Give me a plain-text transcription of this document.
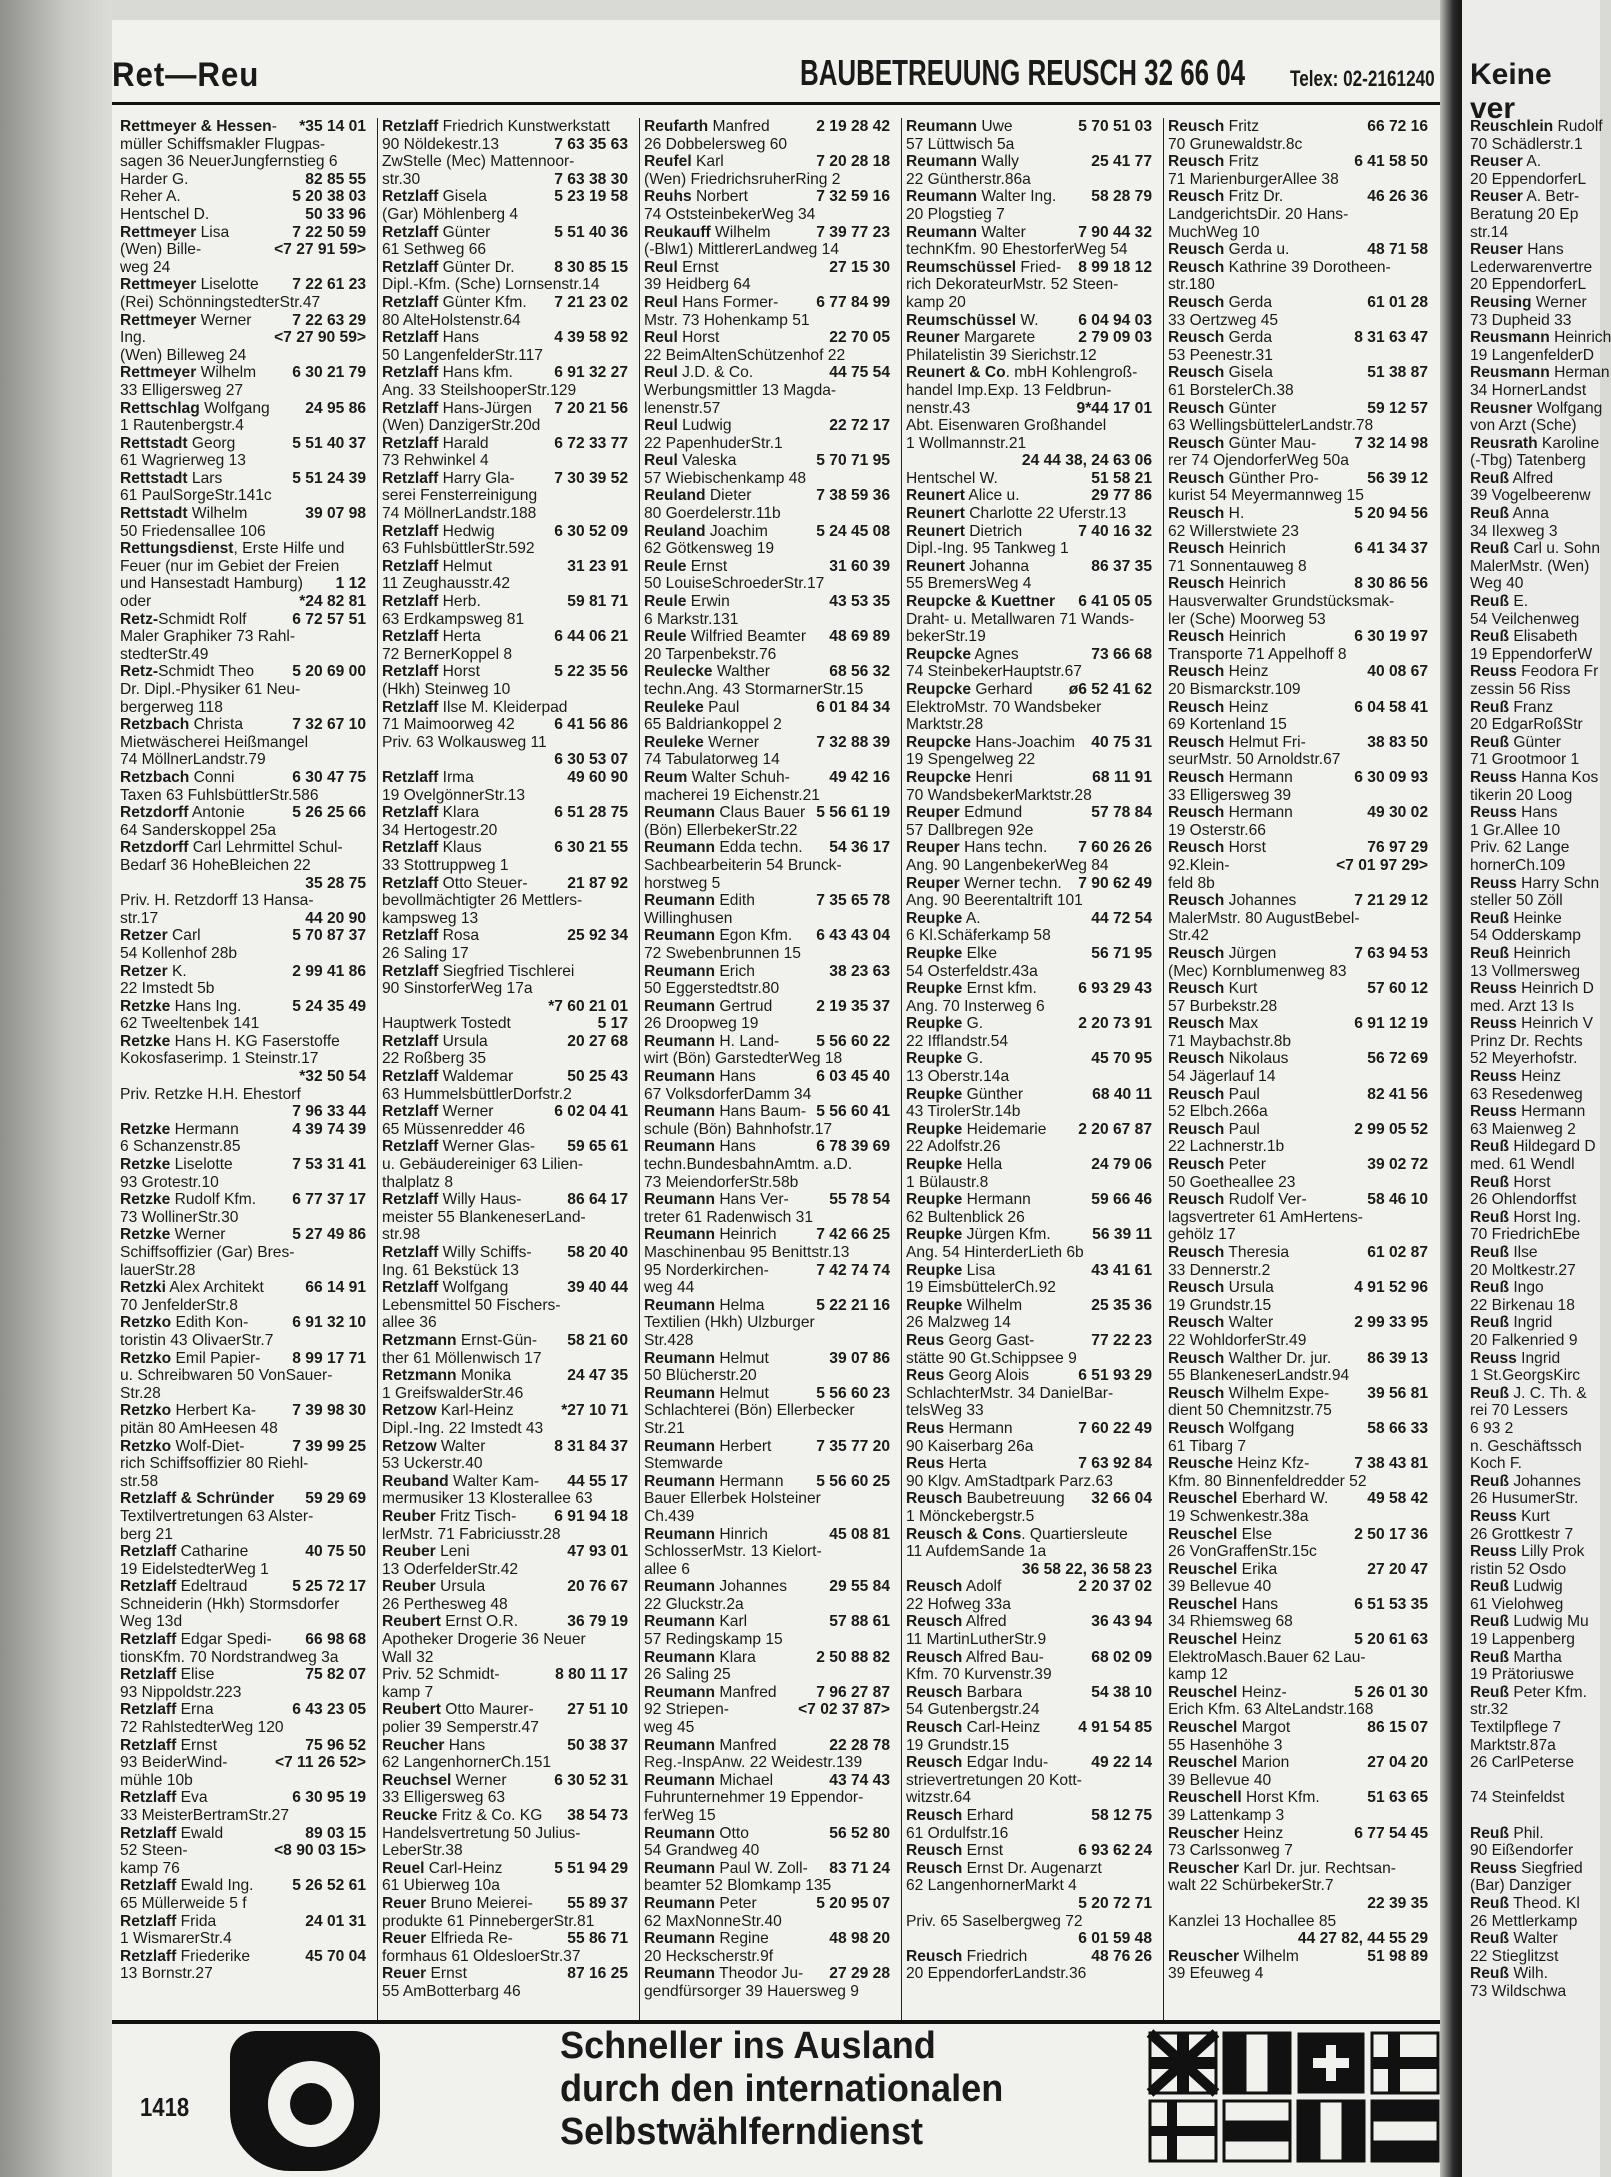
Ret—Reu	BAUBETREUUNG REUSCH 32 66 04 Telex: 02-2161240
Rettmeyer & Hessen-	*35 14 01
müller Schiffsmakler Flugpas-
sagen 36 NeuerJungfernstieg 6
Harder G.	82 85 55
Reher A.	5 20 38 03
Hentschel D.	50 33 96
Rettmeyer Lisa	7 22 50 59
(Wen) Bille-	<7 27 91 59>
weg 24
Rettmeyer Liselotte	7 22 61 23
(Rei) SchönningstedterStr.47
Rettmeyer Werner	7 22 63 29
Ing.	<7 27 90 59>
(Wen) Billeweg 24
Rettmeyer Wilhelm	6 30 21 79
33 Elligersweg 27
Rettschlag Wolfgang	24 95 86
1 Rautenbergstr.4
Rettstadt Georg	5 51 40 37
61 Wagrierweg 13
Rettstadt Lars	5 51 24 39
61 PaulSorgeStr.141c
Rettstadt Wilhelm	39 07 98
50 Friedensallee 106
Rettungsdienst, Erste Hilfe und
Feuer (nur im Gebiet der Freien
und Hansestadt Hamburg)	1 12
oder	*24 82 81
Retz-Schmidt Rolf	6 72 57 51
Maler Graphiker 73 Rahl-
stedterStr.49
Retz-Schmidt Theo	5 20 69 00
Dr. Dipl.-Physiker 61 Neu-
bergerweg 118
Retzbach Christa	7 32 67 10
Mietwäscherei Heißmangel
74 MöllnerLandstr.79
Retzbach Conni	6 30 47 75
Taxen 63 FuhlsbüttlerStr.586
Retzdorff Antonie	5 26 25 66
64 Sanderskoppel 25a
Retzdorff Carl Lehrmittel Schul-
Bedarf 36 HoheBleichen 22

35 28 75
Priv. H. Retzdorff 13 Hansa-
str.17	44 20 90
Retzer Carl	5 70 87 37
54 Kollenhof 28b
Retzer K.	2 99 41 86
22 Imstedt 5b
Retzke Hans Ing.	5 24 35 49
62 Tweeltenbek 141
Retzke Hans H. KG Faserstoffe
Kokosfaserimp. 1 Steinstr.17

*32 50 54
Priv. Retzke H.H. Ehestorf

7 96 33 44
Retzke Hermann	4 39 74 39
6 Schanzenstr.85
Retzke Liselotte	7 53 31 41
93 Grotestr.10
Retzke Rudolf Kfm.	6 77 37 17
73 WollinerStr.30
Retzke Werner	5 27 49 86
Schiffsoffizier (Gar) Bres-
lauerStr.28
Retzki Alex Architekt	66 14 91
70 JenfelderStr.8
Retzko Edith Kon-	6 91 32 10
toristin 43 OlivaerStr.7
Retzko Emil Papier-	8 99 17 71
u. Schreibwaren 50 VonSauer-
Str.28
Retzko Herbert Ka-	7 39 98 30
pitän 80 AmHeesen 48
Retzko Wolf-Diet-	7 39 99 25
rich Schiffsoffizier 80 Riehl-
str.58
Retzlaff & Schründer	59 29 69
Textilvertretungen 63 Alster-
berg 21
Retzlaff Catharine	40 75 50
19 EidelstedterWeg 1
Retzlaff Edeltraud	5 25 72 17
Schneiderin (Hkh) Stormsdorfer
Weg 13d
Retzlaff Edgar Spedi-	66 98 68
tionsKfm. 70 Nordstrandweg 3a
Retzlaff Elise	75 82 07
93 Nippoldstr.223
Retzlaff Erna	6 43 23 05
72 RahlstedterWeg 120
Retzlaff Ernst	75 96 52
93 BeiderWind-	<7 11 26 52>
mühle 10b
Retzlaff Eva	6 30 95 19
33 MeisterBertramStr.27
Retzlaff Ewald	89 03 15
52 Steen-	<8 90 03 15>
kamp 76
Retzlaff Ewald Ing.	5 26 52 61
65 Müllerweide 5 f
Retzlaff Frida	24 01 31
1 WismarerStr.4
Retzlaff Friederike	45 70 04
13 Bornstr.27
Retzlaff Friedrich Kunstwerkstatt
90 Nöldekestr.13	7 63 35 63
ZwStelle (Mec) Mattennoor-
str.30	7 63 38 30
Retzlaff Gisela	5 23 19 58
(Gar) Möhlenberg 4
Retzlaff Günter	5 51 40 36
61 Sethweg 66
Retzlaff Günter Dr.	8 30 85 15
Dipl.-Kfm. (Sche) Lornsenstr.14
Retzlaff Günter Kfm.	7 21 23 02
80 AlteHolstenstr.64
Retzlaff Hans	4 39 58 92
50 LangenfelderStr.117
Retzlaff Hans kfm.	6 91 32 27
Ang. 33 SteilshooperStr.129
Retzlaff Hans-Jürgen	7 20 21 56
(Wen) DanzigerStr.20d
Retzlaff Harald	6 72 33 77
73 Rehwinkel 4
Retzlaff Harry Gla-	7 30 39 52
serei Fensterreinigung
74 MöllnerLandstr.188
Retzlaff Hedwig	6 30 52 09
63 FuhlsbüttlerStr.592
Retzlaff Helmut	31 23 91
11 Zeughausstr.42
Retzlaff Herb.	59 81 71
63 Erdkampsweg 81
Retzlaff Herta	6 44 06 21
72 BernerKoppel 8
Retzlaff Horst	5 22 35 56
(Hkh) Steinweg 10
Retzlaff Ilse M. Kleiderpad
71 Maimoorweg 42	6 41 56 86
Priv. 63 Wolkausweg 11

6 30 53 07
Retzlaff Irma	49 60 90
19 OvelgönnerStr.13
Retzlaff Klara	6 51 28 75
34 Hertogestr.20
Retzlaff Klaus	6 30 21 55
33 Stottruppweg 1
Retzlaff Otto Steuer-	21 87 92
bevollmächtigter 26 Mettlers-
kampsweg 13
Retzlaff Rosa	25 92 34
26 Saling 17
Retzlaff Siegfried Tischlerei
90 SinstorferWeg 17a

*7 60 21 01
Hauptwerk Tostedt	5 17
Retzlaff Ursula	20 27 68
22 Roßberg 35
Retzlaff Waldemar	50 25 43
63 HummelsbüttlerDorfstr.2
Retzlaff Werner	6 02 04 41
65 Müssenredder 46
Retzlaff Werner Glas-	59 65 61
u. Gebäudereiniger 63 Lilien-
thalplatz 8
Retzlaff Willy Haus-	86 64 17
meister 55 BlankeneserLand-
str.98
Retzlaff Willy Schiffs-	58 20 40
Ing. 61 Bekstück 13
Retzlaff Wolfgang	39 40 44
Lebensmittel 50 Fischers-
allee 36
Retzmann Ernst-Gün-	58 21 60
ther 61 Möllenwisch 17
Retzmann Monika	24 47 35
1 GreifswalderStr.46
Retzow Karl-Heinz	*27 10 71
Dipl.-Ing. 22 Imstedt 43
Retzow Walter	8 31 84 37
53 Uckerstr.40
Reuband Walter Kam-	44 55 17
mermusiker 13 Klosterallee 63
Reuber Fritz Tisch-	6 91 94 18
lerMstr. 71 Fabriciusstr.28
Reuber Leni	47 93 01
13 OderfelderStr.42
Reuber Ursula	20 76 67
26 Perthesweg 48
Reubert Ernst O.R.	36 79 19
Apotheker Drogerie 36 Neuer
Wall 32
Priv. 52 Schmidt-	8 80 11 17
kamp 7
Reubert Otto Maurer-	27 51 10
polier 39 Semperstr.47
Reucher Hans	50 38 37
62 LangenhornerCh.151
Reuchsel Werner	6 30 52 31
33 Elligersweg 63
Reucke Fritz & Co. KG	38 54 73
Handelsvertretung 50 Julius-
LeberStr.38
Reuel Carl-Heinz	5 51 94 29
61 Ubierweg 10a
Reuer Bruno Meierei-	55 89 37
produkte 61 PinnebergerStr.81
Reuer Elfrieda Re-	55 86 71
formhaus 61 OldesloerStr.37
Reuer Ernst	87 16 25
55 AmBotterbarg 46
Reufarth Manfred	2 19 28 42
26 Dobbelersweg 60
Reufel Karl	7 20 28 18
(Wen) FriedrichsruherRing 2
Reuhs Norbert	7 32 59 16
74 OststeinbekerWeg 34
Reukauff Wilhelm	7 39 77 23
(-Blw1) MittlererLandweg 14
Reul Ernst	27 15 30
39 Heidberg 64
Reul Hans Former-	6 77 84 99
Mstr. 73 Hohenkamp 51
Reul Horst	22 70 05
22 BeimAltenSchützenhof 22
Reul J.D. & Co.	44 75 54
Werbungsmittler 13 Magda-
lenenstr.57
Reul Ludwig	22 72 17
22 PapenhuderStr.1
Reul Valeska	5 70 71 95
57 Wiebischenkamp 48
Reuland Dieter	7 38 59 36
80 Goerdelerstr.11b
Reuland Joachim	5 24 45 08
62 Götkensweg 19
Reule Ernst	31 60 39
50 LouiseSchroederStr.17
Reule Erwin	43 53 35
6 Markstr.131
Reule Wilfried Beamter	48 69 89
20 Tarpenbekstr.76
Reulecke Walther	68 56 32
techn.Ang. 43 StormarnerStr.15
Reuleke Paul	6 01 84 34
65 Baldriankoppel 2
Reuleke Werner	7 32 88 39
74 Tabulatorweg 14
Reum Walter Schuh-	49 42 16
macherei 19 Eichenstr.21
Reumann Claus Bauer 5 56 61 19
(Bön) EllerbekerStr.22
Reumann Edda techn.	54 36 17
Sachbearbeiterin 54 Brunck-
horstweg 5
Reumann Edith	7 35 65 78
Willinghusen
Reumann Egon Kfm.	6 43 43 04
72 Swebenbrunnen 15
Reumann Erich	38 23 63
50 Eggerstedtstr.80
Reumann Gertrud	2 19 35 37
26 Droopweg 19
Reumann H. Land-	5 56 60 22
wirt (Bön) GarstedterWeg 18
Reumann Hans	6 03 45 40
67 VolksdorferDamm 34
Reumann Hans Baum- 5 56 60 41
schule (Bön) Bahnhofstr.17
Reumann Hans	6 78 39 69
techn.BundesbahnAmtm. a.D.
73 MeiendorferStr.58b
Reumann Hans Ver-	55 78 54
treter 61 Radenwisch 31
Reumann Heinrich	7 42 66 25
Maschinenbau 95 Benittstr.13
95 Norderkirchen-	7 42 74 74
weg 44
Reumann Helma	5 22 21 16
Textilien (Hkh) Ulzburger
Str.428
Reumann Helmut	39 07 86
50 Blücherstr.20
Reumann Helmut	5 56 60 23
Schlachterei (Bön) Ellerbecker
Str.21
Reumann Herbert	7 35 77 20
Stemwarde
Reumann Hermann	5 56 60 25
Bauer Ellerbek Holsteiner
Ch.439
Reumann Hinrich	45 08 81
SchlosserMstr. 13 Kielort-
allee 6
Reumann Johannes	29 55 84
22 Gluckstr.2a
Reumann Karl	57 88 61
57 Redingskamp 15
Reumann Klara	2 50 88 82
26 Saling 25
Reumann Manfred	7 96 27 87
92 Striepen-	<7 02 37 87>
weg 45
Reumann Manfred	22 28 78
Reg.-InspAnw. 22 Weidestr.139
Reumann Michael	43 74 43
Fuhrunternehmer 19 Eppendor-
ferWeg 15
Reumann Otto	56 52 80
54 Grandweg 40
Reumann Paul W. Zoll-	83 71 24
beamter 52 Blomkamp 135
Reumann Peter	5 20 95 07
62 MaxNonneStr.40
Reumann Regine	48 98 20
20 Heckscherstr.9f
Reumann Theodor Ju-	27 29 28
gendfürsorger 39 Hauersweg 9
Reumann Uwe	5 70 51 03
57 Lüttwisch 5a
Reumann Wally	25 41 77
22 Güntherstr.86a
Reumann Walter Ing.	58 28 79
20 Plogstieg 7
Reumann Walter	7 90 44 32
technKfm. 90 EhestorferWeg 54
Reumschüssel Fried-	8 99 18 12
rich DekorateurMstr. 52 Steen-
kamp 20
Reumschüssel W.	6 04 94 03
Reuner Margarete	2 79 09 03
Philatelistin 39 Sierichstr.12
Reunert & Co. mbH Kohlengroß-
handel Imp.Exp. 13 Feldbrun-
nenstr.43	9*44 17 01
Abt. Eisenwaren Großhandel
1 Wollmannstr.21

24 44 38, 24 63 06
Hentschel W.	51 58 21
Reunert Alice u.	29 77 86
Reunert Charlotte 22 Uferstr.13
Reunert Dietrich	7 40 16 32
Dipl.-Ing. 95 Tankweg 1
Reunert Johanna	86 37 35
55 BremersWeg 4
Reupcke & Kuettner	6 41 05 05
Draht- u. Metallwaren 71 Wands-
bekerStr.19
Reupcke Agnes	73 66 68
74 SteinbekerHauptstr.67
Reupcke Gerhard	ø6 52 41 62
ElektroMstr. 70 Wandsbeker
Marktstr.28
Reupcke Hans-Joachim	40 75 31
19 Spengelweg 22
Reupcke Henri	68 11 91
70 WandsbekerMarktstr.28
Reuper Edmund	57 78 84
57 Dallbregen 92e
Reuper Hans techn.	7 60 26 26
Ang. 90 LangenbekerWeg 84
Reuper Werner techn.	7 90 62 49
Ang. 90 Beerentaltrift 101
Reupke A.	44 72 54
6 Kl.Schäferkamp 58
Reupke Elke	56 71 95
54 Osterfeldstr.43a
Reupke Ernst kfm.	6 93 29 43
Ang. 70 Insterweg 6
Reupke G.	2 20 73 91
22 Ifflandstr.54
Reupke G.	45 70 95
13 Oberstr.14a
Reupke Günther	68 40 11
43 TirolerStr.14b
Reupke Heidemarie	2 20 67 87
22 Adolfstr.26
Reupke Hella	24 79 06
1 Bülaustr.8
Reupke Hermann	59 66 46
62 Bultenblick 26
Reupke Jürgen Kfm.	56 39 11
Ang. 54 HinterderLieth 6b
Reupke Lisa	43 41 61
19 EimsbüttelerCh.92
Reupke Wilhelm	25 35 36
26 Malzweg 14
Reus Georg Gast-	77 22 23
stätte 90 Gt.Schippsee 9
Reus Georg Alois	6 51 93 29
SchlachterMstr. 34 DanielBar-
telsWeg 33
Reus Hermann	7 60 22 49
90 Kaiserbarg 26a
Reus Herta	7 63 92 84
90 Klgv. AmStadtpark Parz.63
Reusch Baubetreuung	32 66 04
1 Mönckebergstr.5
Reusch & Cons. Quartiersleute
11 AufdemSande 1a

36 58 22, 36 58 23
Reusch Adolf	2 20 37 02
22 Hofweg 33a
Reusch Alfred	36 43 94
11 MartinLutherStr.9
Reusch Alfred Bau-	68 02 09
Kfm. 70 Kurvenstr.39
Reusch Barbara	54 38 10
54 Gutenbergstr.24
Reusch Carl-Heinz	4 91 54 85
19 Grundstr.15
Reusch Edgar Indu-	49 22 14
strievertretungen 20 Kott-
witzstr.64
Reusch Erhard	58 12 75
61 Ordulfstr.16
Reusch Ernst	6 93 62 24
Reusch Ernst Dr. Augenarzt
62 LangenhornerMarkt 4

5 20 72 71
Priv. 65 Saselbergweg 72

6 01 59 48
Reusch Friedrich	48 76 26
20 EppendorferLandstr.36
Reusch Fritz	66 72 16
70 Grunewaldstr.8c
Reusch Fritz	6 41 58 50
71 MarienburgerAllee 38
Reusch Fritz Dr.	46 26 36
LandgerichtsDir. 20 Hans-
MuchWeg 10
Reusch Gerda u.	48 71 58
Reusch Kathrine 39 Dorotheen-
str.180
Reusch Gerda	61 01 28
33 Oertzweg 45
Reusch Gerda	8 31 63 47
53 Peenestr.31
Reusch Gisela	51 38 87
61 BorstelerCh.38
Reusch Günter	59 12 57
63 WellingsbüttelerLandstr.78
Reusch Günter Mau-	7 32 14 98
rer 74 OjendorferWeg 50a
Reusch Günther Pro-	56 39 12
kurist 54 Meyermannweg 15
Reusch H.	5 20 94 56
62 Willerstwiete 23
Reusch Heinrich	6 41 34 37
71 Sonnentauweg 8
Reusch Heinrich	8 30 86 56
Hausverwalter Grundstücksmak-
ler (Sche) Moorweg 53
Reusch Heinrich	6 30 19 97
Transporte 71 Appelhoff 8
Reusch Heinz	40 08 67
20 Bismarckstr.109
Reusch Heinz	6 04 58 41
69 Kortenland 15
Reusch Helmut Fri-	38 83 50
seurMstr. 50 Arnoldstr.67
Reusch Hermann	6 30 09 93
33 Elligersweg 39
Reusch Hermann	49 30 02
19 Osterstr.66
Reusch Horst	76 97 29
92.Klein-	<7 01 97 29>
feld 8b
Reusch Johannes	7 21 29 12
MalerMstr. 80 AugustBebel-
Str.42
Reusch Jürgen	7 63 94 53
(Mec) Kornblumenweg 83
Reusch Kurt	57 60 12
57 Burbekstr.28
Reusch Max	6 91 12 19
71 Maybachstr.8b
Reusch Nikolaus	56 72 69
54 Jägerlauf 14
Reusch Paul	82 41 56
52 Elbch.266a
Reusch Paul	2 99 05 52
22 Lachnerstr.1b
Reusch Peter	39 02 72
50 Goetheallee 23
Reusch Rudolf Ver-	58 46 10
lagsvertreter 61 AmHertens-
gehölz 17
Reusch Theresia	61 02 87
33 Dennerstr.2
Reusch Ursula	4 91 52 96
19 Grundstr.15
Reusch Walter	2 99 33 95
22 WohldorferStr.49
Reusch Walther Dr. jur.	86 39 13
55 BlankeneserLandstr.94
Reusch Wilhelm Expe-	39 56 81
dient 50 Chemnitzstr.75
Reusch Wolfgang	58 66 33
61 Tibarg 7
Reusche Heinz Kfz-	7 38 43 81
Kfm. 80 Binnenfeldredder 52
Reuschel Eberhard W.	49 58 42
19 Schwenkestr.38a
Reuschel Else	2 50 17 36
26 VonGraffenStr.15c
Reuschel Erika	27 20 47
39 Bellevue 40
Reuschel Hans	6 51 53 35
34 Rhiemsweg 68
Reuschel Heinz	5 20 61 63
ElektroMasch.Bauer 62 Lau-
kamp 12
Reuschel Heinz-	5 26 01 30
Erich Kfm. 63 AlteLandstr.168
Reuschel Margot	86 15 07
55 Hasenhöhe 3
Reuschel Marion	27 04 20
39 Bellevue 40
Reuschell Horst Kfm.	51 63 65
39 Lattenkamp 3
Reuscher Heinz	6 77 54 45
73 Carlssonweg 7
Reuscher Karl Dr. jur. Rechtsan-
walt 22 SchürbekerStr.7

22 39 35
Kanzlei 13 Hochallee 85

44 27 82, 44 55 29
Reuscher Wilhelm	51 98 89
39 Efeuweg 4
Keine ver
Reuschlein Rudolf
70 Schädlerstr.1
Reuser A.
20 EppendorferL
Reuser A. Betr-
Beratung 20 Ep
str.14
Reuser Hans
Lederwarenvertre
20 EppendorferL
Reusing Werner
73 Dupheid 33
Reusmann Heinrich
19 LangenfelderD
Reusmann Herman
34 HornerLandst
Reusner Wolfgang
von Arzt (Sche)
Reusrath Karoline
(-Tbg) Tatenberg
Reuß Alfred
39 Vogelbeerenw
Reuß Anna
34 Ilexweg 3
Reuß Carl u. Sohn
MalerMstr. (Wen)
Weg 40
Reuß E.
54 Veilchenweg
Reuß Elisabeth
19 EppendorferW
Reuss Feodora Fr
zessin 56 Riss
Reuß Franz
20 EdgarRoßStr
Reuß Günter
71 Grootmoor 1
Reuss Hanna Kos
tikerin 20 Loog
Reuss Hans
1 Gr.Allee 10
Priv. 62 Lange
hornerCh.109
Reuss Harry Schn
steller 50 Zöll
Reuß Heinke
54 Odderskamp
Reuß Heinrich
13 Vollmersweg
Reuss Heinrich D
med. Arzt 13 Is
Reuss Heinrich V
Prinz Dr. Rechts
52 Meyerhofstr.
Reuss Heinz
63 Resedenweg
Reuss Hermann
63 Maienweg 2
Reuß Hildegard D
med. 61 Wendl
Reuß Horst
26 Ohlendorffst
Reuß Horst Ing.
70 FriedrichEbe
Reuß Ilse
20 Moltkestr.27
Reuß Ingo
22 Birkenau 18
Reuß Ingrid
20 Falkenried 9
Reuss Ingrid
1 St.GeorgsKirc
Reuß J. C. Th. &
rei 70 Lessers
6 93 2
n. Geschäftssch
Koch F.
Reuß Johannes
26 HusumerStr.
Reuss Kurt
26 Grottkestr 7
Reuss Lilly Prok
ristin 52 Osdo
Reuß Ludwig
61 Vielohweg
Reuß Ludwig Mu
19 Lappenberg
Reuß Martha
19 Prätoriuswe
Reuß Peter Kfm.
str.32
Textilpflege 7
Marktstr.87a
26 CarlPeterse

74 Steinfeldst

Reuß Phil.
90 Eißendorfer
Reuss Siegfried
(Bar) Danziger
Reuß Theod. Kl
26 Mettlerkamp
Reuß Walter
22 Stieglitzst
Reuß Wilh.
73 Wildschwa
1418
Schneller ins Ausland
durch den internationalen
Selbstwählferndienst
